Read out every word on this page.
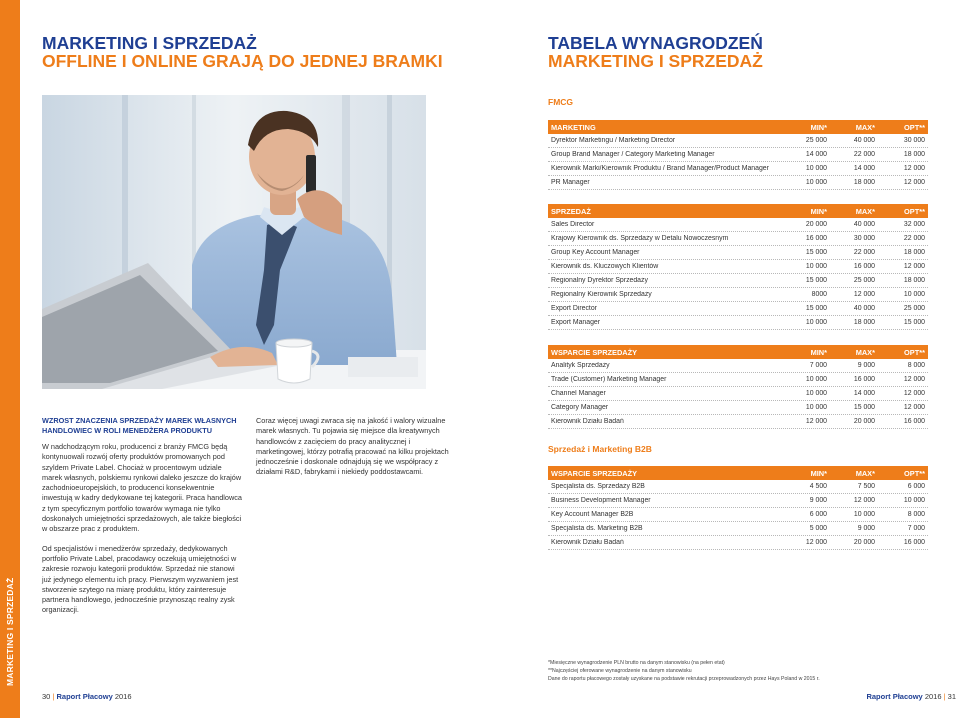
MARKETING I SPRZEDAŻ
MARKETING I SPRZEDAŻ
OFFLINE I ONLINE GRAJĄ DO JEDNEJ BRAMKI
WZROST ZNACZENIA SPRZEDAŻY MAREK WŁASNYCH HANDLOWIEC W ROLI MENEDŻERA PRODUKTU

W nadchodzącym roku, producenci z branży FMCG będą kontynuowali rozwój oferty produktów promowanych pod szyldem Private Label. Chociaż w procentowym udziale marek własnych, polskiemu rynkowi daleko jeszcze do krajów zachodnioeuropejskich, to producenci konsekwentnie inwestują w kadry dedykowane tej kategorii. Praca handlowca z tym specyficznym portfolio towarów wymaga nie tylko doskonałych umiejętności sprzedażowych, ale także biegłości w obszarze prac z produktem.

Od specjalistów i menedżerów sprzedaży, dedykowanych portfolio Private Label, pracodawcy oczekują umiejętności w zakresie rozwoju kategorii produktów. Sprzedaż nie stanowi już jedynego elementu ich pracy. Pierwszym wyzwaniem jest stworzenie szytego na miarę produktu, który zainteresuje partnera handlowego, jednocześnie przynosząc realny zysk organizacji.

Coraz więcej uwagi zwraca się na jakość i walory wizualne marek własnych. Tu pojawia się miejsce dla kreatywnych handlowców z zacięciem do pracy analitycznej i marketingowej, którzy potrafią pracować na kilku projektach jednocześnie i doskonale odnajdują się we współpracy z działami R&D, fabrykami i niekiedy poddostawcami.

TABELA WYNAGRODZEŃ
MARKETING I SPRZEDAŻ
FMCG
MARKETING	MIN*	MAX*	OPT**
Dyrektor Marketingu / Marketing Director	25 000	40 000	30 000
Group Brand Manager / Category Marketing Manager	14 000	22 000	18 000
Kierownik Marki/Kierownik Produktu / Brand Manager/Product Manager	10 000	14 000	12 000
PR Manager	10 000	18 000	12 000
SPRZEDAŻ	MIN*	MAX*	OPT**
Sales Director	20 000	40 000	32 000
Krajowy Kierownik ds. Sprzedaży w Detalu Nowoczesnym	16 000	30 000	22 000
Group Key Account Manager	15 000	22 000	18 000
Kierownik ds. Kluczowych Klientów	10 000	16 000	12 000
Regionalny Dyrektor Sprzedaży	15 000	25 000	18 000
Regionalny Kierownik Sprzedaży	8000	12 000	10 000
Export Director	15 000	40 000	25 000
Export Manager	10 000	18 000	15 000
WSPARCIE SPRZEDAŻY	MIN*	MAX*	OPT**
Analityk Sprzedaży	7 000	9 000	8 000
Trade (Customer) Marketing Manager	10 000	16 000	12 000
Channel Manager	10 000	14 000	12 000
Category Manager	10 000	15 000	12 000
Kierownik Działu Badań	12 000	20 000	16 000
Sprzedaż i Marketing B2B
WSPARCIE SPRZEDAŻY	MIN*	MAX*	OPT**
Specjalista ds. Sprzedaży B2B	4 500	7 500	6 000
Business Development Manager	9 000	12 000	10 000
Key Account Manager B2B	6 000	10 000	8 000
Specjalista ds. Marketing B2B	5 000	9 000	7 000
Kierownik Działu Badań	12 000	20 000	16 000
*Miesięczne wynagrodzenie PLN brutto na danym stanowisku (na pełen etat)
**Najczęściej oferowane wynagrodzenie na danym stanowisku
Dane do raportu płacowego zostały uzyskane na podstawie rekrutacji przeprowadzonych przez Hays Poland w 2015 r.
30 | Raport Płacowy 2016	Raport Płacowy 2016 | 31
